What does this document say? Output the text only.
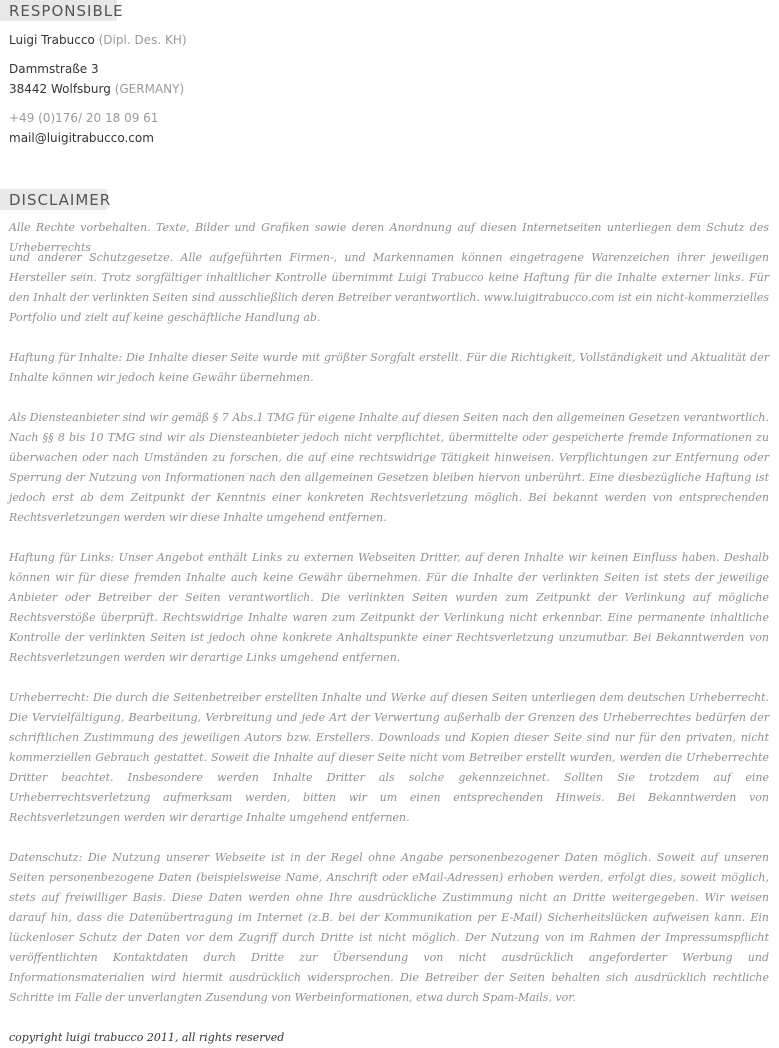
RESPONSIBLE
Luigi Trabucco (Dipl. Des. KH)
Dammstraße 3
38442 Wolfsburg (GERMANY)
+49 (0)176/ 20 18 09 61
mail@luigitrabucco.com
DISCLAIMER

Alle Rechte vorbehalten. Texte, Bilder und Grafiken sowie deren Anordnung auf diesen Internetseiten unterliegen dem Schutz des Urheberrechts

und anderer Schutzgesetze. Alle aufgeführten Firmen-, und Markennamen können eingetragene Warenzeichen ihrer jeweiligen Hersteller sein. Trotz sorgfältiger inhaltlicher Kontrolle übernimmt Luigi Trabucco keine Haftung für die Inhalte externer links. Für den Inhalt der verlinkten Seiten sind ausschließlich deren Betreiber verantwortlich. www.luigitrabucco.com ist ein nicht-kommerzielles Portfolio und zielt auf keine geschäftliche Handlung ab.

Haftung für Inhalte: Die Inhalte dieser Seite wurde mit größter Sorgfalt erstellt. Für die Richtigkeit, Vollständigkeit und Aktualität der Inhalte können wir jedoch keine Gewähr übernehmen.

Als Diensteanbieter sind wir gemäß § 7 Abs.1 TMG für eigene Inhalte auf diesen Seiten nach den allgemeinen Gesetzen verantwortlich. Nach §§ 8 bis 10 TMG sind wir als Diensteanbieter jedoch nicht verpflichtet, übermittelte oder gespeicherte fremde Informationen zu überwachen oder nach Umständen zu forschen, die auf eine rechtswidrige Tätigkeit hinweisen. Verpflichtungen zur Entfernung oder Sperrung der Nutzung von Informationen nach den allgemeinen Gesetzen bleiben hiervon unberührt. Eine diesbezügliche Haftung ist jedoch erst ab dem Zeitpunkt der Kenntnis einer konkreten Rechtsverletzung möglich. Bei bekannt werden von entsprechenden Rechtsverletzungen werden wir diese Inhalte umgehend entfernen.

Haftung für Links: Unser Angebot enthält Links zu externen Webseiten Dritter, auf deren Inhalte wir keinen Einfluss haben. Deshalb können wir für diese fremden Inhalte auch keine Gewähr übernehmen. Für die Inhalte der verlinkten Seiten ist stets der jeweilige Anbieter oder Betreiber der Seiten verantwortlich. Die verlinkten Seiten wurden zum Zeitpunkt der Verlinkung auf mögliche Rechtsverstöße überprüft. Rechtswidrige Inhalte waren zum Zeitpunkt der Verlinkung nicht erkennbar. Eine permanente inhaltliche Kontrolle der verlinkten Seiten ist jedoch ohne konkrete Anhaltspunkte einer Rechtsverletzung unzumutbar. Bei Bekanntwerden von Rechtsverletzungen werden wir derartige Links umgehend entfernen.

Urheberrecht: Die durch die Seitenbetreiber erstellten Inhalte und Werke auf diesen Seiten unterliegen dem deutschen Urheberrecht. Die Vervielfältigung, Bearbeitung, Verbreitung und jede Art der Verwertung außerhalb der Grenzen des Urheberrechtes bedürfen der schriftlichen Zustimmung des jeweiligen Autors bzw. Erstellers. Downloads und Kopien dieser Seite sind nur für den privaten, nicht kommerziellen Gebrauch gestattet. Soweit die Inhalte auf dieser Seite nicht vom Betreiber erstellt wurden, werden die Urheberrechte Dritter beachtet. Insbesondere werden Inhalte Dritter als solche gekennzeichnet. Sollten Sie trotzdem auf eine Urheberrechtsverletzung aufmerksam werden, bitten wir um einen entsprechenden Hinweis. Bei Bekanntwerden von Rechtsverletzungen werden wir derartige Inhalte umgehend entfernen.

Datenschutz: Die Nutzung unserer Webseite ist in der Regel ohne Angabe personenbezogener Daten möglich. Soweit auf unseren Seiten personenbezogene Daten (beispielsweise Name, Anschrift oder eMail-Adressen) erhoben werden, erfolgt dies, soweit möglich, stets auf freiwilliger Basis. Diese Daten werden ohne Ihre ausdrückliche Zustimmung nicht an Dritte weitergegeben. Wir weisen darauf hin, dass die Datenübertragung im Internet (z.B. bei der Kommunikation per E-Mail) Sicherheitslücken aufweisen kann. Ein lückenloser Schutz der Daten vor dem Zugriff durch Dritte ist nicht möglich. Der Nutzung von im Rahmen der Impressumspflicht veröffentlichten Kontaktdaten durch Dritte zur Übersendung von nicht ausdrücklich angeforderter Werbung und Informationsmaterialien wird hiermit ausdrücklich widersprochen. Die Betreiber der Seiten behalten sich ausdrücklich rechtliche Schritte im Falle der unverlangten Zusendung von Werbeinformationen, etwa durch Spam-Mails, vor.

copyright luigi trabucco 2011, all rights reserved
